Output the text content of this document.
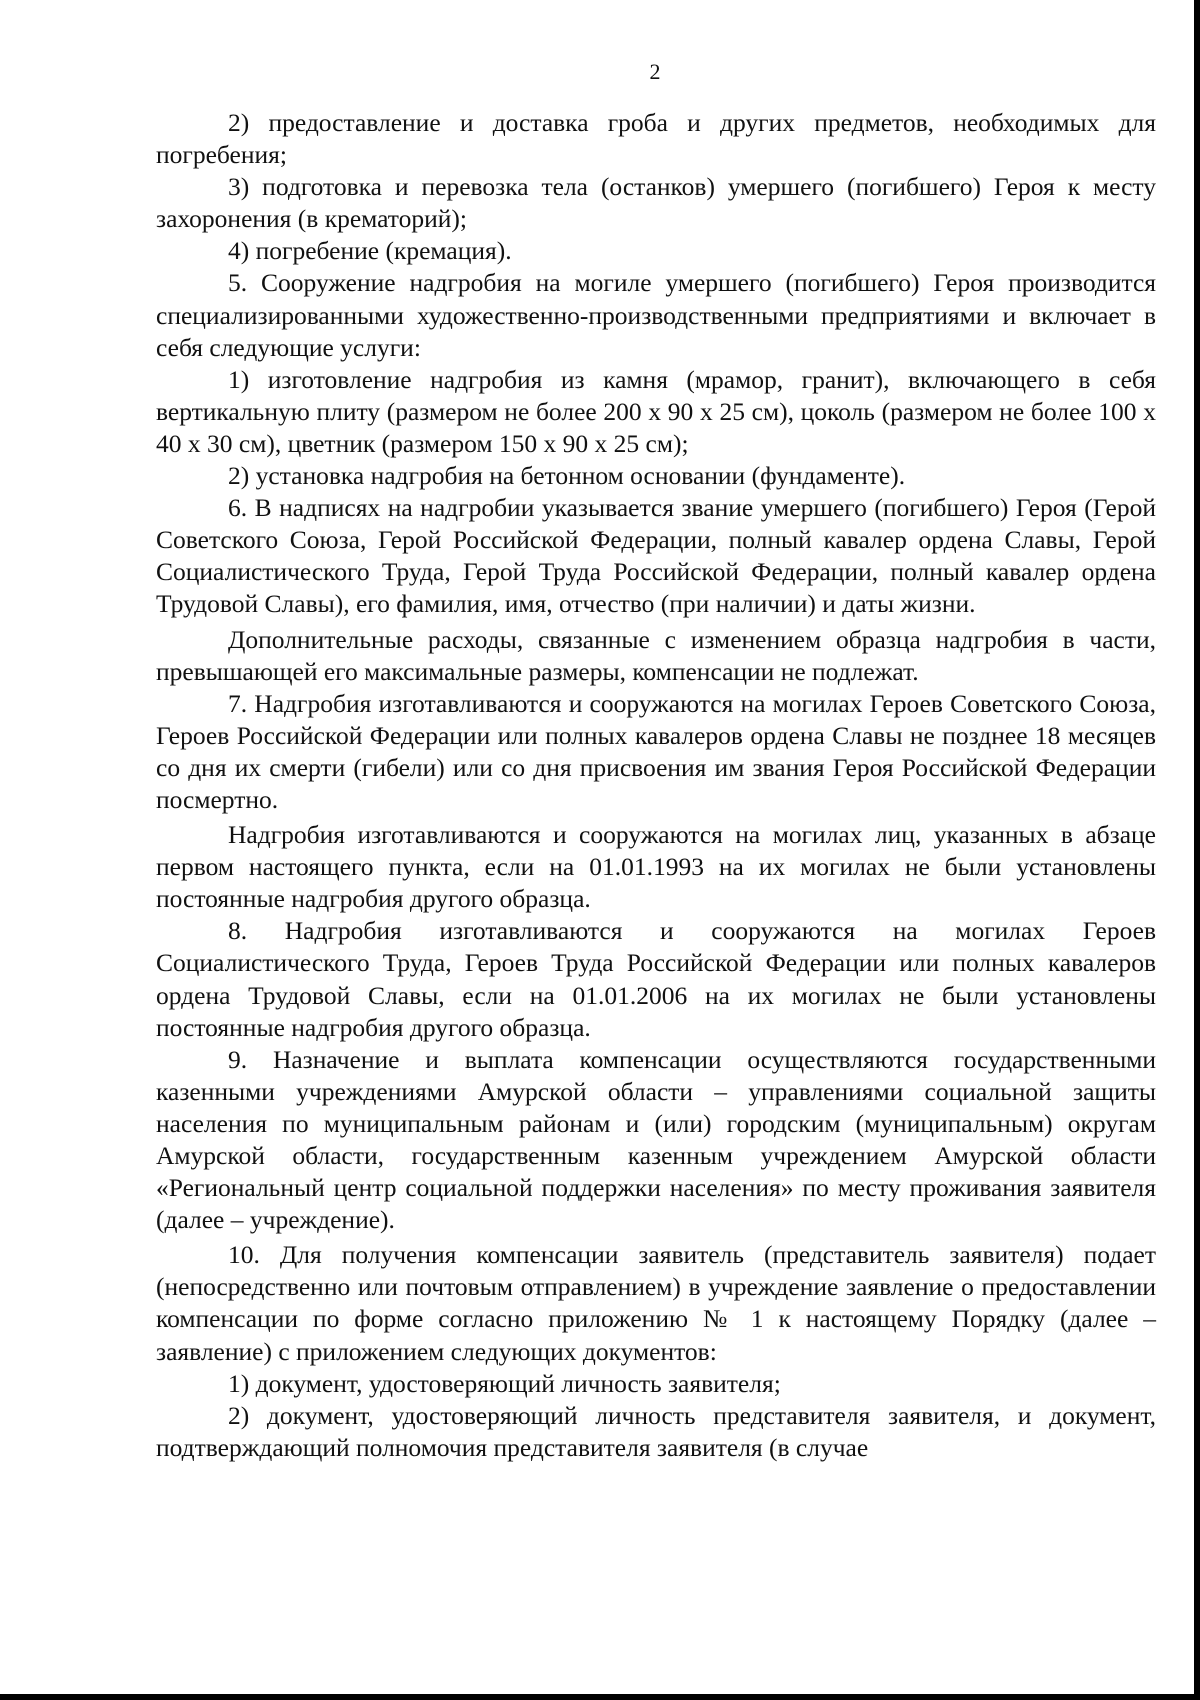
2

2) предоставление и доставка гроба и других предметов, необходимых для погребения;

3) подготовка и перевозка тела (останков) умершего (погибшего) Героя к месту захоронения (в крематорий);

4) погребение (кремация).

5. Сооружение надгробия на могиле умершего (погибшего) Героя производится специализированными художественно-производственными предприятиями и включает в себя следующие услуги:

1) изготовление надгробия из камня (мрамор, гранит), включающего в себя вертикальную плиту (размером не более 200 х 90 х 25 см), цоколь (размером не более 100 х 40 х 30 см), цветник (размером 150 х 90 х 25 см);

2) установка надгробия на бетонном основании (фундаменте).

6. В надписях на надгробии указывается звание умершего (погибшего) Героя (Герой Советского Союза, Герой Российской Федерации, полный кавалер ордена Славы, Герой Социалистического Труда, Герой Труда Российской Федерации, полный кавалер ордена Трудовой Славы), его фамилия, имя, отчество (при наличии) и даты жизни.

Дополнительные расходы, связанные с изменением образца надгробия в части, превышающей его максимальные размеры, компенсации не подлежат.

7. Надгробия изготавливаются и сооружаются на могилах Героев Советского Союза, Героев Российской Федерации или полных кавалеров ордена Славы не позднее 18 месяцев со дня их смерти (гибели) или со дня присвоения им звания Героя Российской Федерации посмертно.

Надгробия изготавливаются и сооружаются на могилах лиц, указанных в абзаце первом настоящего пункта, если на 01.01.1993 на их могилах не были установлены постоянные надгробия другого образца.

8. Надгробия изготавливаются и сооружаются на могилах Героев Социалистического Труда, Героев Труда Российской Федерации или полных кавалеров ордена Трудовой Славы, если на 01.01.2006 на их могилах не были установлены постоянные надгробия другого образца.

9. Назначение и выплата компенсации осуществляются государственными казенными учреждениями Амурской области – управлениями социальной защиты населения по муниципальным районам и (или) городским (муниципальным) округам Амурской области, государственным казенным учреждением Амурской области «Региональный центр социальной поддержки населения» по месту проживания заявителя (далее – учреждение).

10. Для получения компенсации заявитель (представитель заявителя) подает (непосредственно или почтовым отправлением) в учреждение заявление о предоставлении компенсации по форме согласно приложению № 1 к настоящему Порядку (далее – заявление) с приложением следующих документов:

1) документ, удостоверяющий личность заявителя;

2) документ, удостоверяющий личность представителя заявителя, и документ, подтверждающий полномочия представителя заявителя (в случае
